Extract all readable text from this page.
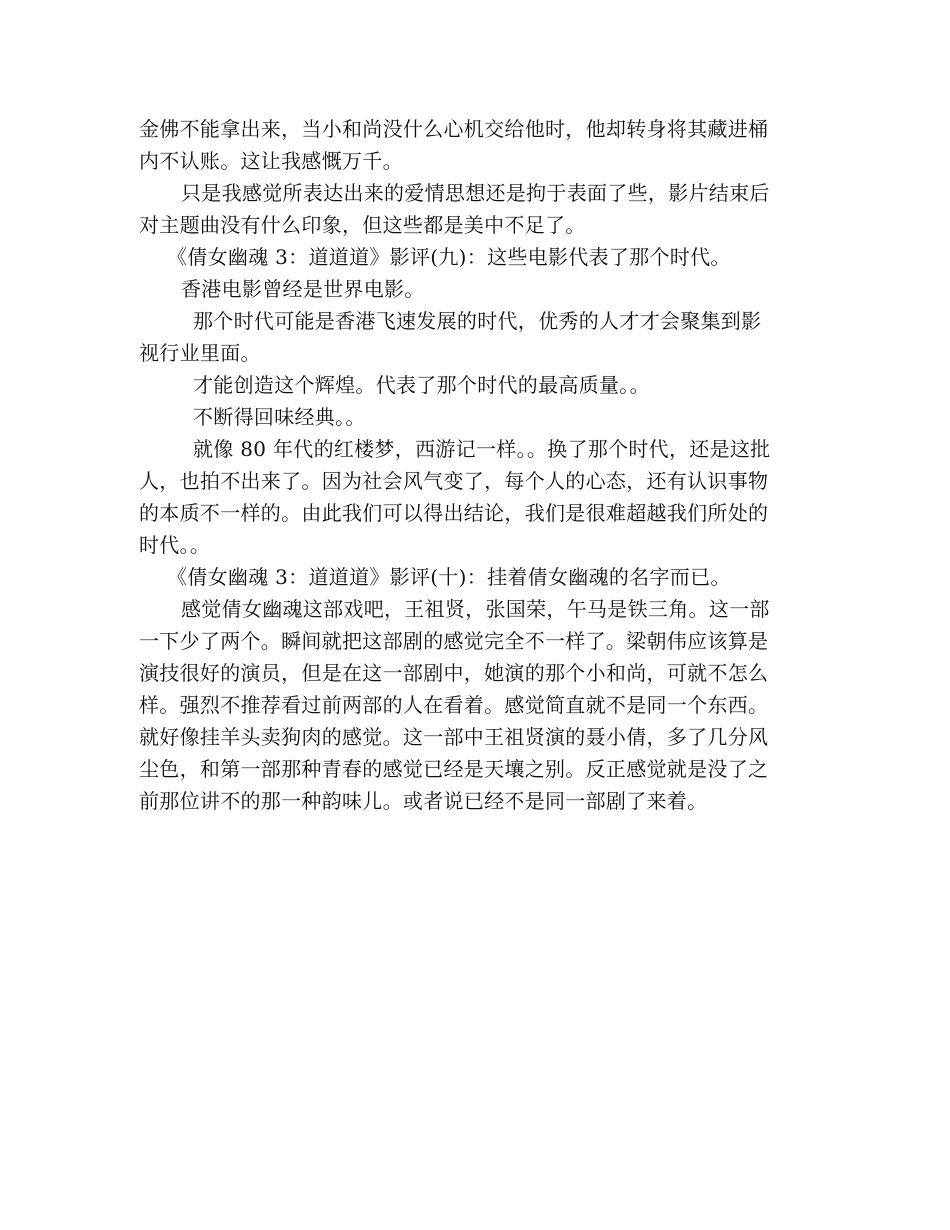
金佛不能拿出来，当小和尚没什么心机交给他时，他却转身将其藏进桶
内不认账。这让我感慨万千。
只是我感觉所表达出来的爱情思想还是拘于表面了些，影片结束后
对主题曲没有什么印象，但这些都是美中不足了。
《倩女幽魂 3：道道道》影评(九)：这些电影代表了那个时代。
香港电影曾经是世界电影。
那个时代可能是香港飞速发展的时代，优秀的人才才会聚集到影
视行业里面。
才能创造这个辉煌。代表了那个时代的最高质量。。
不断得回味经典。。
就像 80 年代的红楼梦，西游记一样。。换了那个时代，还是这批
人，也拍不出来了。因为社会风气变了，每个人的心态，还有认识事物
的本质不一样的。由此我们可以得出结论，我们是很难超越我们所处的
时代。。
《倩女幽魂 3：道道道》影评(十)：挂着倩女幽魂的名字而已。
感觉倩女幽魂这部戏吧，王祖贤，张国荣，午马是铁三角。这一部
一下少了两个。瞬间就把这部剧的感觉完全不一样了。梁朝伟应该算是
演技很好的演员，但是在这一部剧中，她演的那个小和尚，可就不怎么
样。强烈不推荐看过前两部的人在看着。感觉简直就不是同一个东西。
就好像挂羊头卖狗肉的感觉。这一部中王祖贤演的聂小倩，多了几分风
尘色，和第一部那种青春的感觉已经是天壤之别。反正感觉就是没了之
前那位讲不的那一种韵味儿。或者说已经不是同一部剧了来着。
